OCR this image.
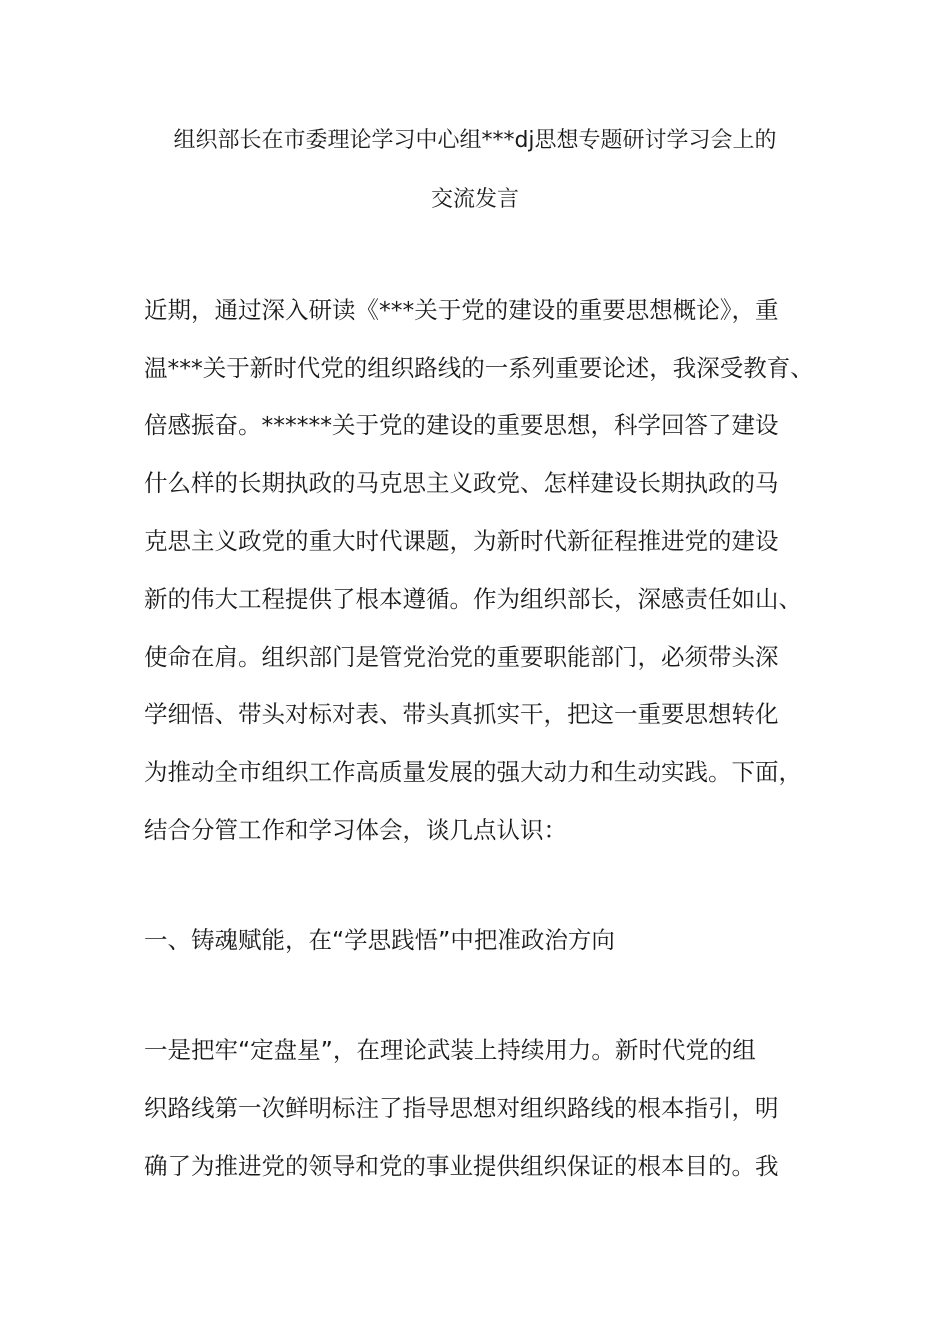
组织部长在市委理论学习中心组***dj思想专题研讨学习会上的
交流发言
近期，通过深入研读《***关于党的建设的重要思想概论》，重
温***关于新时代党的组织路线的一系列重要论述，我深受教育、
倍感振奋。******关于党的建设的重要思想，科学回答了建设
什么样的长期执政的马克思主义政党、怎样建设长期执政的马
克思主义政党的重大时代课题，为新时代新征程推进党的建设
新的伟大工程提供了根本遵循。作为组织部长，深感责任如山、
使命在肩。组织部门是管党治党的重要职能部门，必须带头深
学细悟、带头对标对表、带头真抓实干，把这一重要思想转化
为推动全市组织工作高质量发展的强大动力和生动实践。下面，
结合分管工作和学习体会，谈几点认识：
一、铸魂赋能，在“学思践悟”中把准政治方向
一是把牢“定盘星”，在理论武装上持续用力。新时代党的组
织路线第一次鲜明标注了指导思想对组织路线的根本指引，明
确了为推进党的领导和党的事业提供组织保证的根本目的。我
